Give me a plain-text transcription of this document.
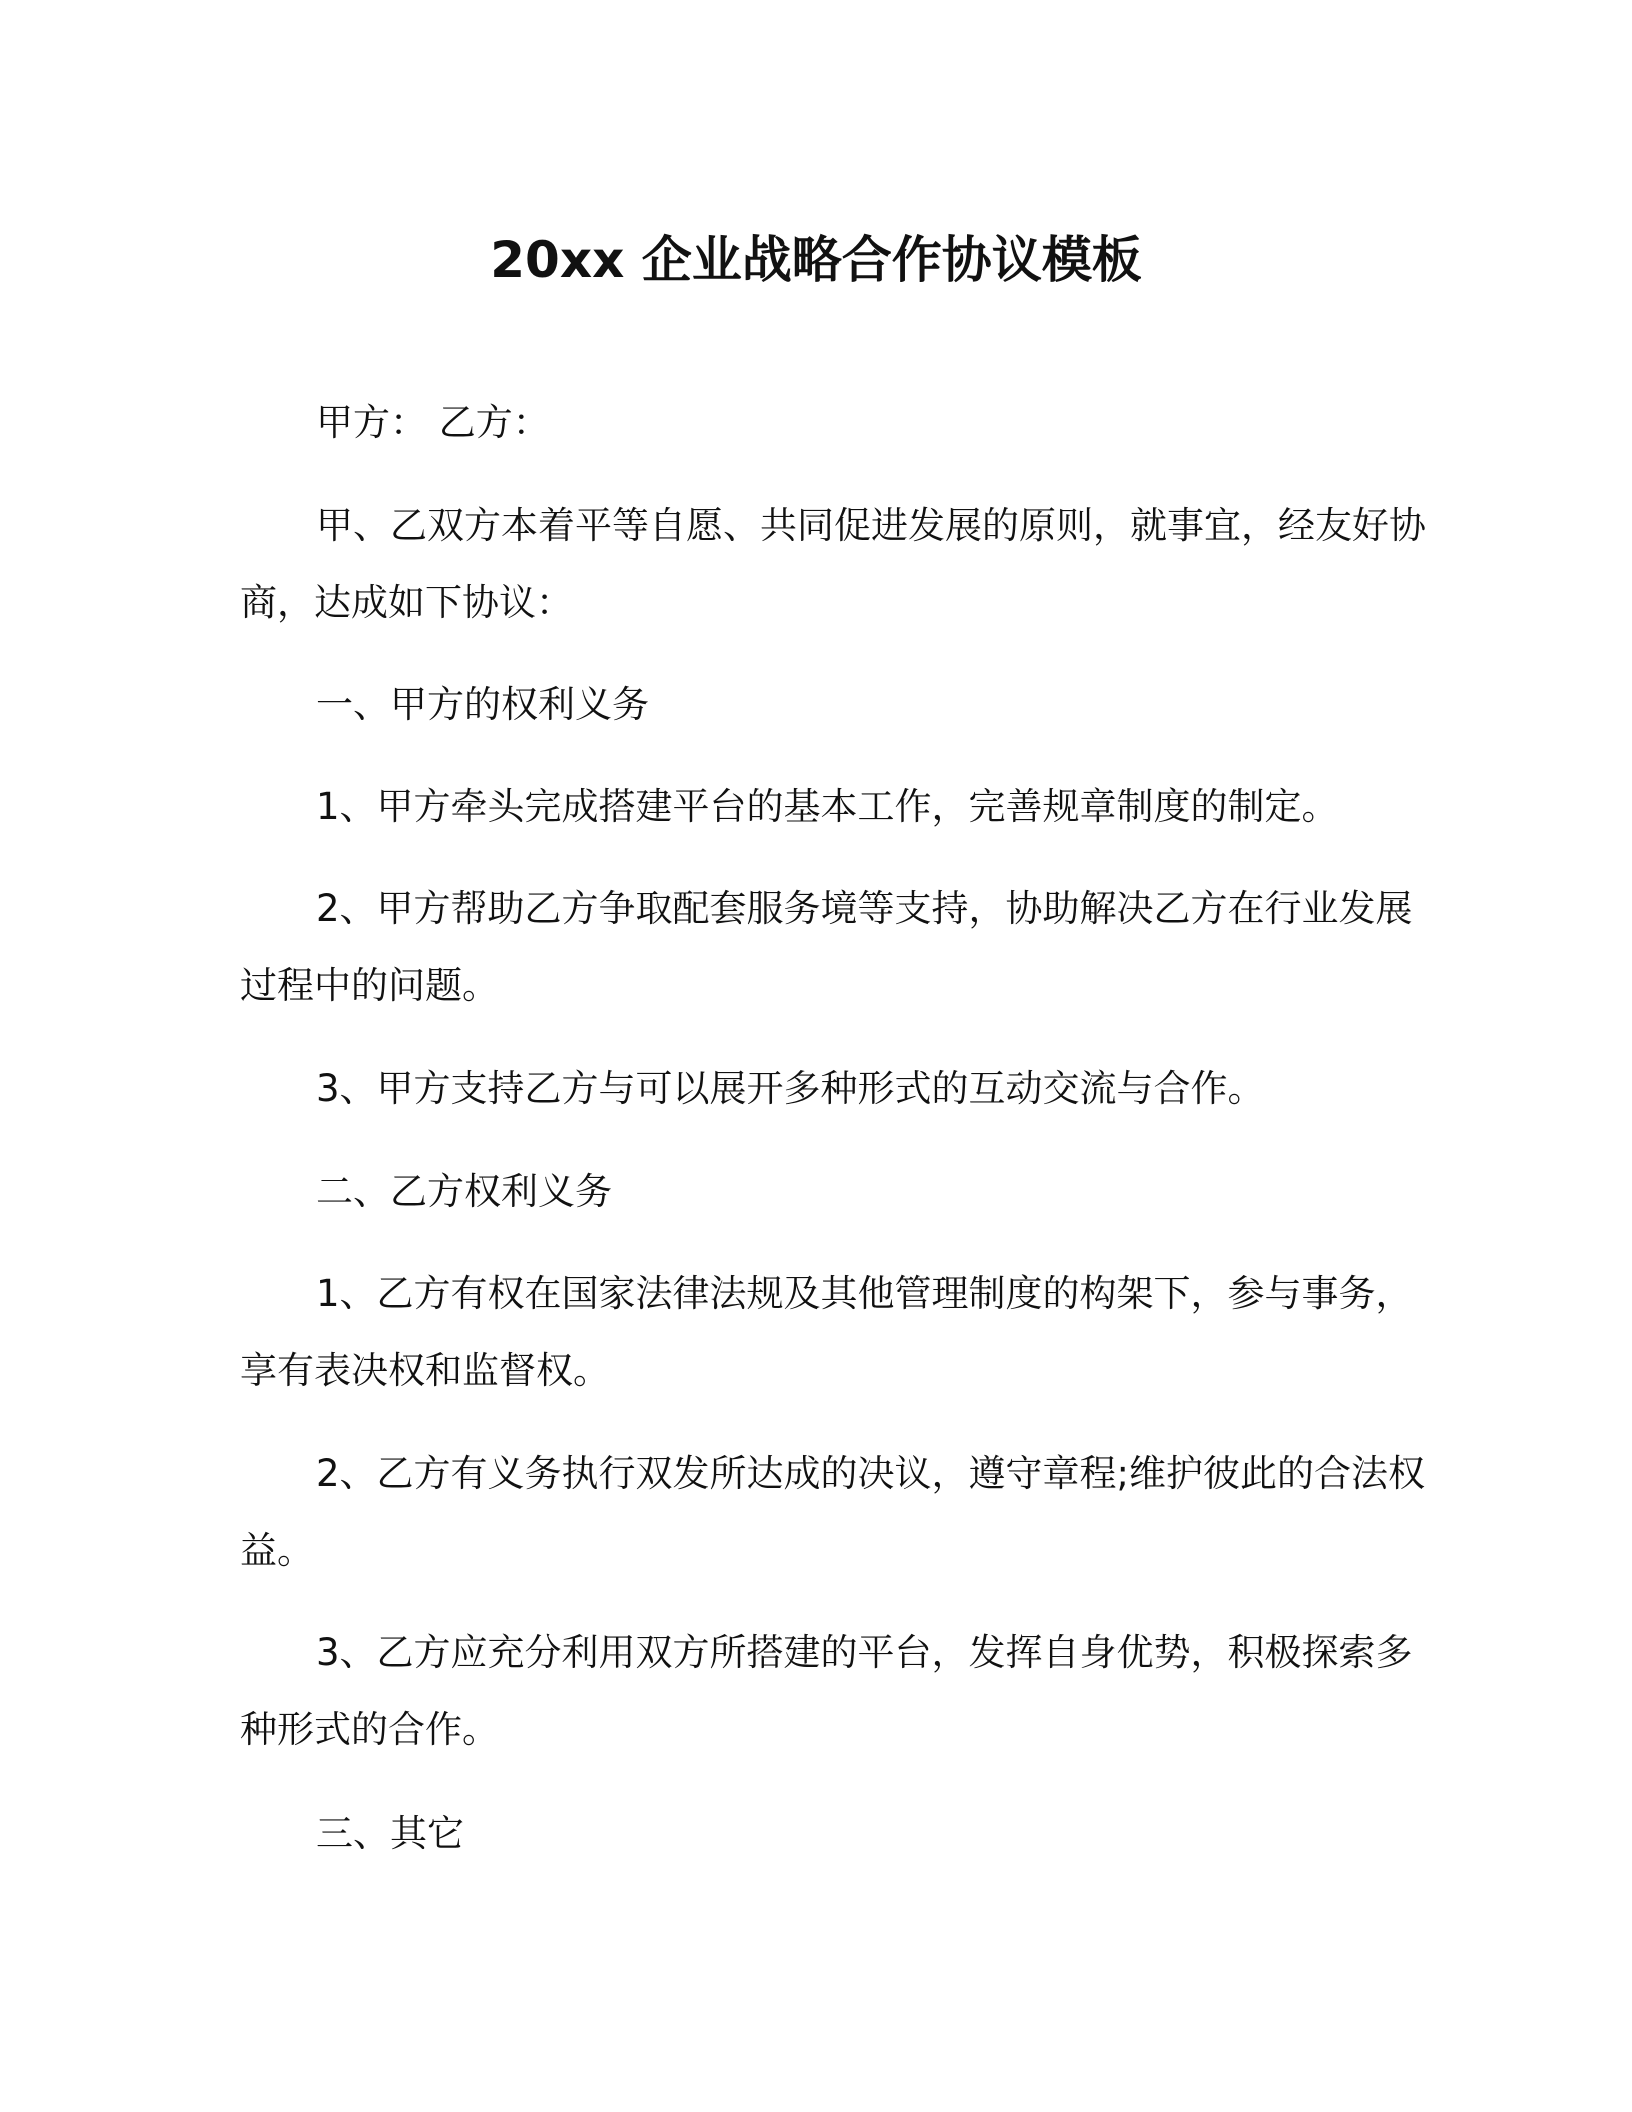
20xx 企业战略合作协议模板

甲方： 乙方：

甲、乙双方本着平等自愿、共同促进发展的原则，就事宜，经友好协商，达成如下协议：

一、甲方的权利义务

1、甲方牵头完成搭建平台的基本工作，完善规章制度的制定。

2、甲方帮助乙方争取配套服务境等支持，协助解决乙方在行业发展过程中的问题。

3、甲方支持乙方与可以展开多种形式的互动交流与合作。

二、乙方权利义务

1、乙方有权在国家法律法规及其他管理制度的构架下，参与事务，享有表决权和监督权。

2、乙方有义务执行双发所达成的决议，遵守章程;维护彼此的合法权益。

3、乙方应充分利用双方所搭建的平台，发挥自身优势，积极探索多种形式的合作。

三、其它
